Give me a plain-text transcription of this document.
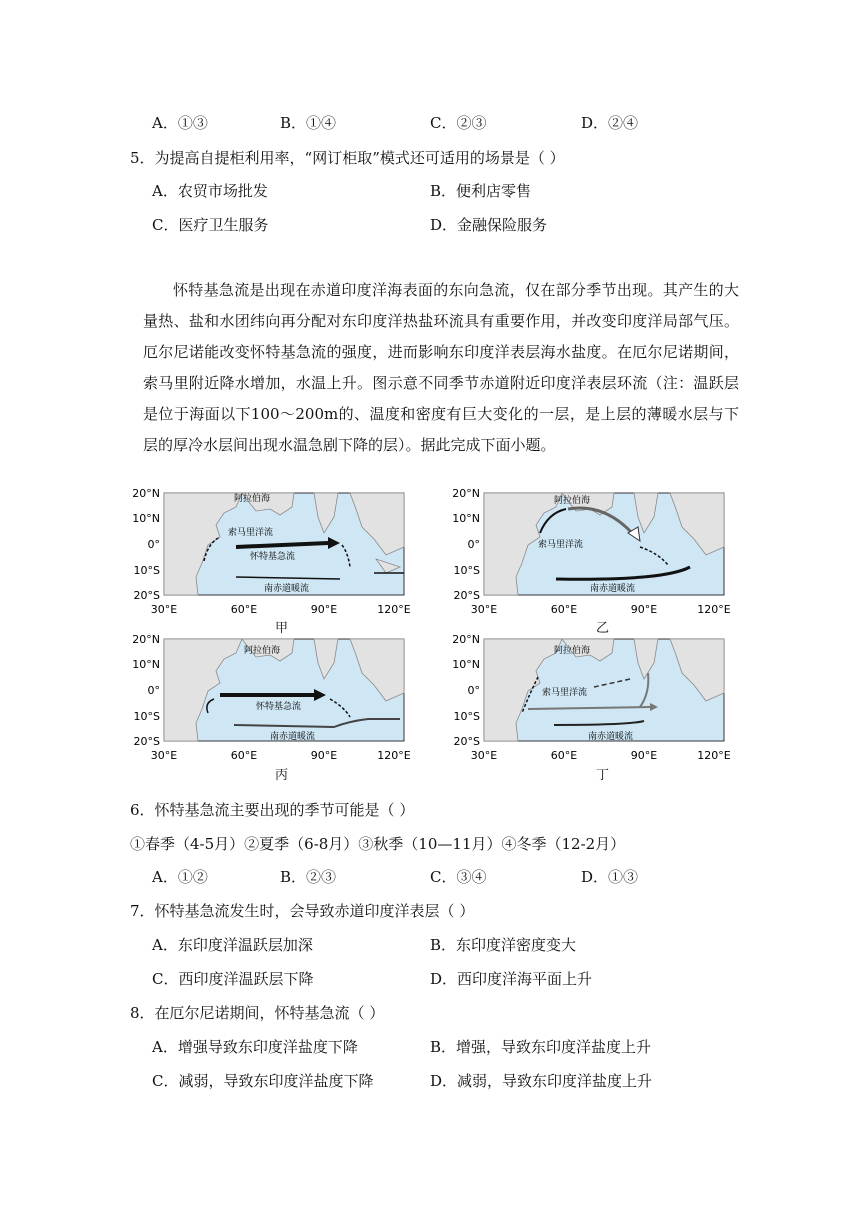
A．①③	B．①④	C．②③	D．②④
5．为提高自提柜利用率，“网订柜取”模式还可适用的场景是（ ）
A．农贸市场批发	B．便利店零售
C．医疗卫生服务	D．金融保险服务

怀特基急流是出现在赤道印度洋海表面的东向急流，仅在部分季节出现。其产生的大量热、盐和水团纬向再分配对东印度洋热盐环流具有重要作用，并改变印度洋局部气压。厄尔尼诺能改变怀特基急流的强度，进而影响东印度洋表层海水盐度。在厄尔尼诺期间，索马里附近降水增加，水温上升。图示意不同季节赤道附近印度洋表层环流（注：温跃层是位于海面以下100～200m的、温度和密度有巨大变化的一层，是上层的薄暖水层与下层的厚冷水层间出现水温急剧下降的层）。据此完成下面小题。

阿拉伯海
索马里洋流
怀特基急流
南赤道暖流
20°N
10°N
0°
10°S
20°S
30°E	60°E	90°E	120°E
甲
阿拉伯海
索马里洋流
南赤道暖流
20°N
10°N
0°
10°S
20°S
30°E	60°E	90°E	120°E
乙
阿拉伯海
怀特基急流
南赤道暖流
20°N
10°N
0°
10°S
20°S
30°E	60°E	90°E	120°E
丙
阿拉伯海
索马里洋流
南赤道暖流
20°N
10°N
0°
10°S
20°S
30°E	60°E	90°E	120°E
丁
6．怀特基急流主要出现的季节可能是（ ）
①春季（4-5月）②夏季（6-8月）③秋季（10—11月）④冬季（12-2月）
A．①②	B．②③	C．③④	D．①③
7．怀特基急流发生时，会导致赤道印度洋表层（ ）
A．东印度洋温跃层加深	B．东印度洋密度变大
C．西印度洋温跃层下降	D．西印度洋海平面上升
8．在厄尔尼诺期间，怀特基急流（ ）
A．增强导致东印度洋盐度下降	B．增强，导致东印度洋盐度上升
C．减弱，导致东印度洋盐度下降	D．减弱，导致东印度洋盐度上升
